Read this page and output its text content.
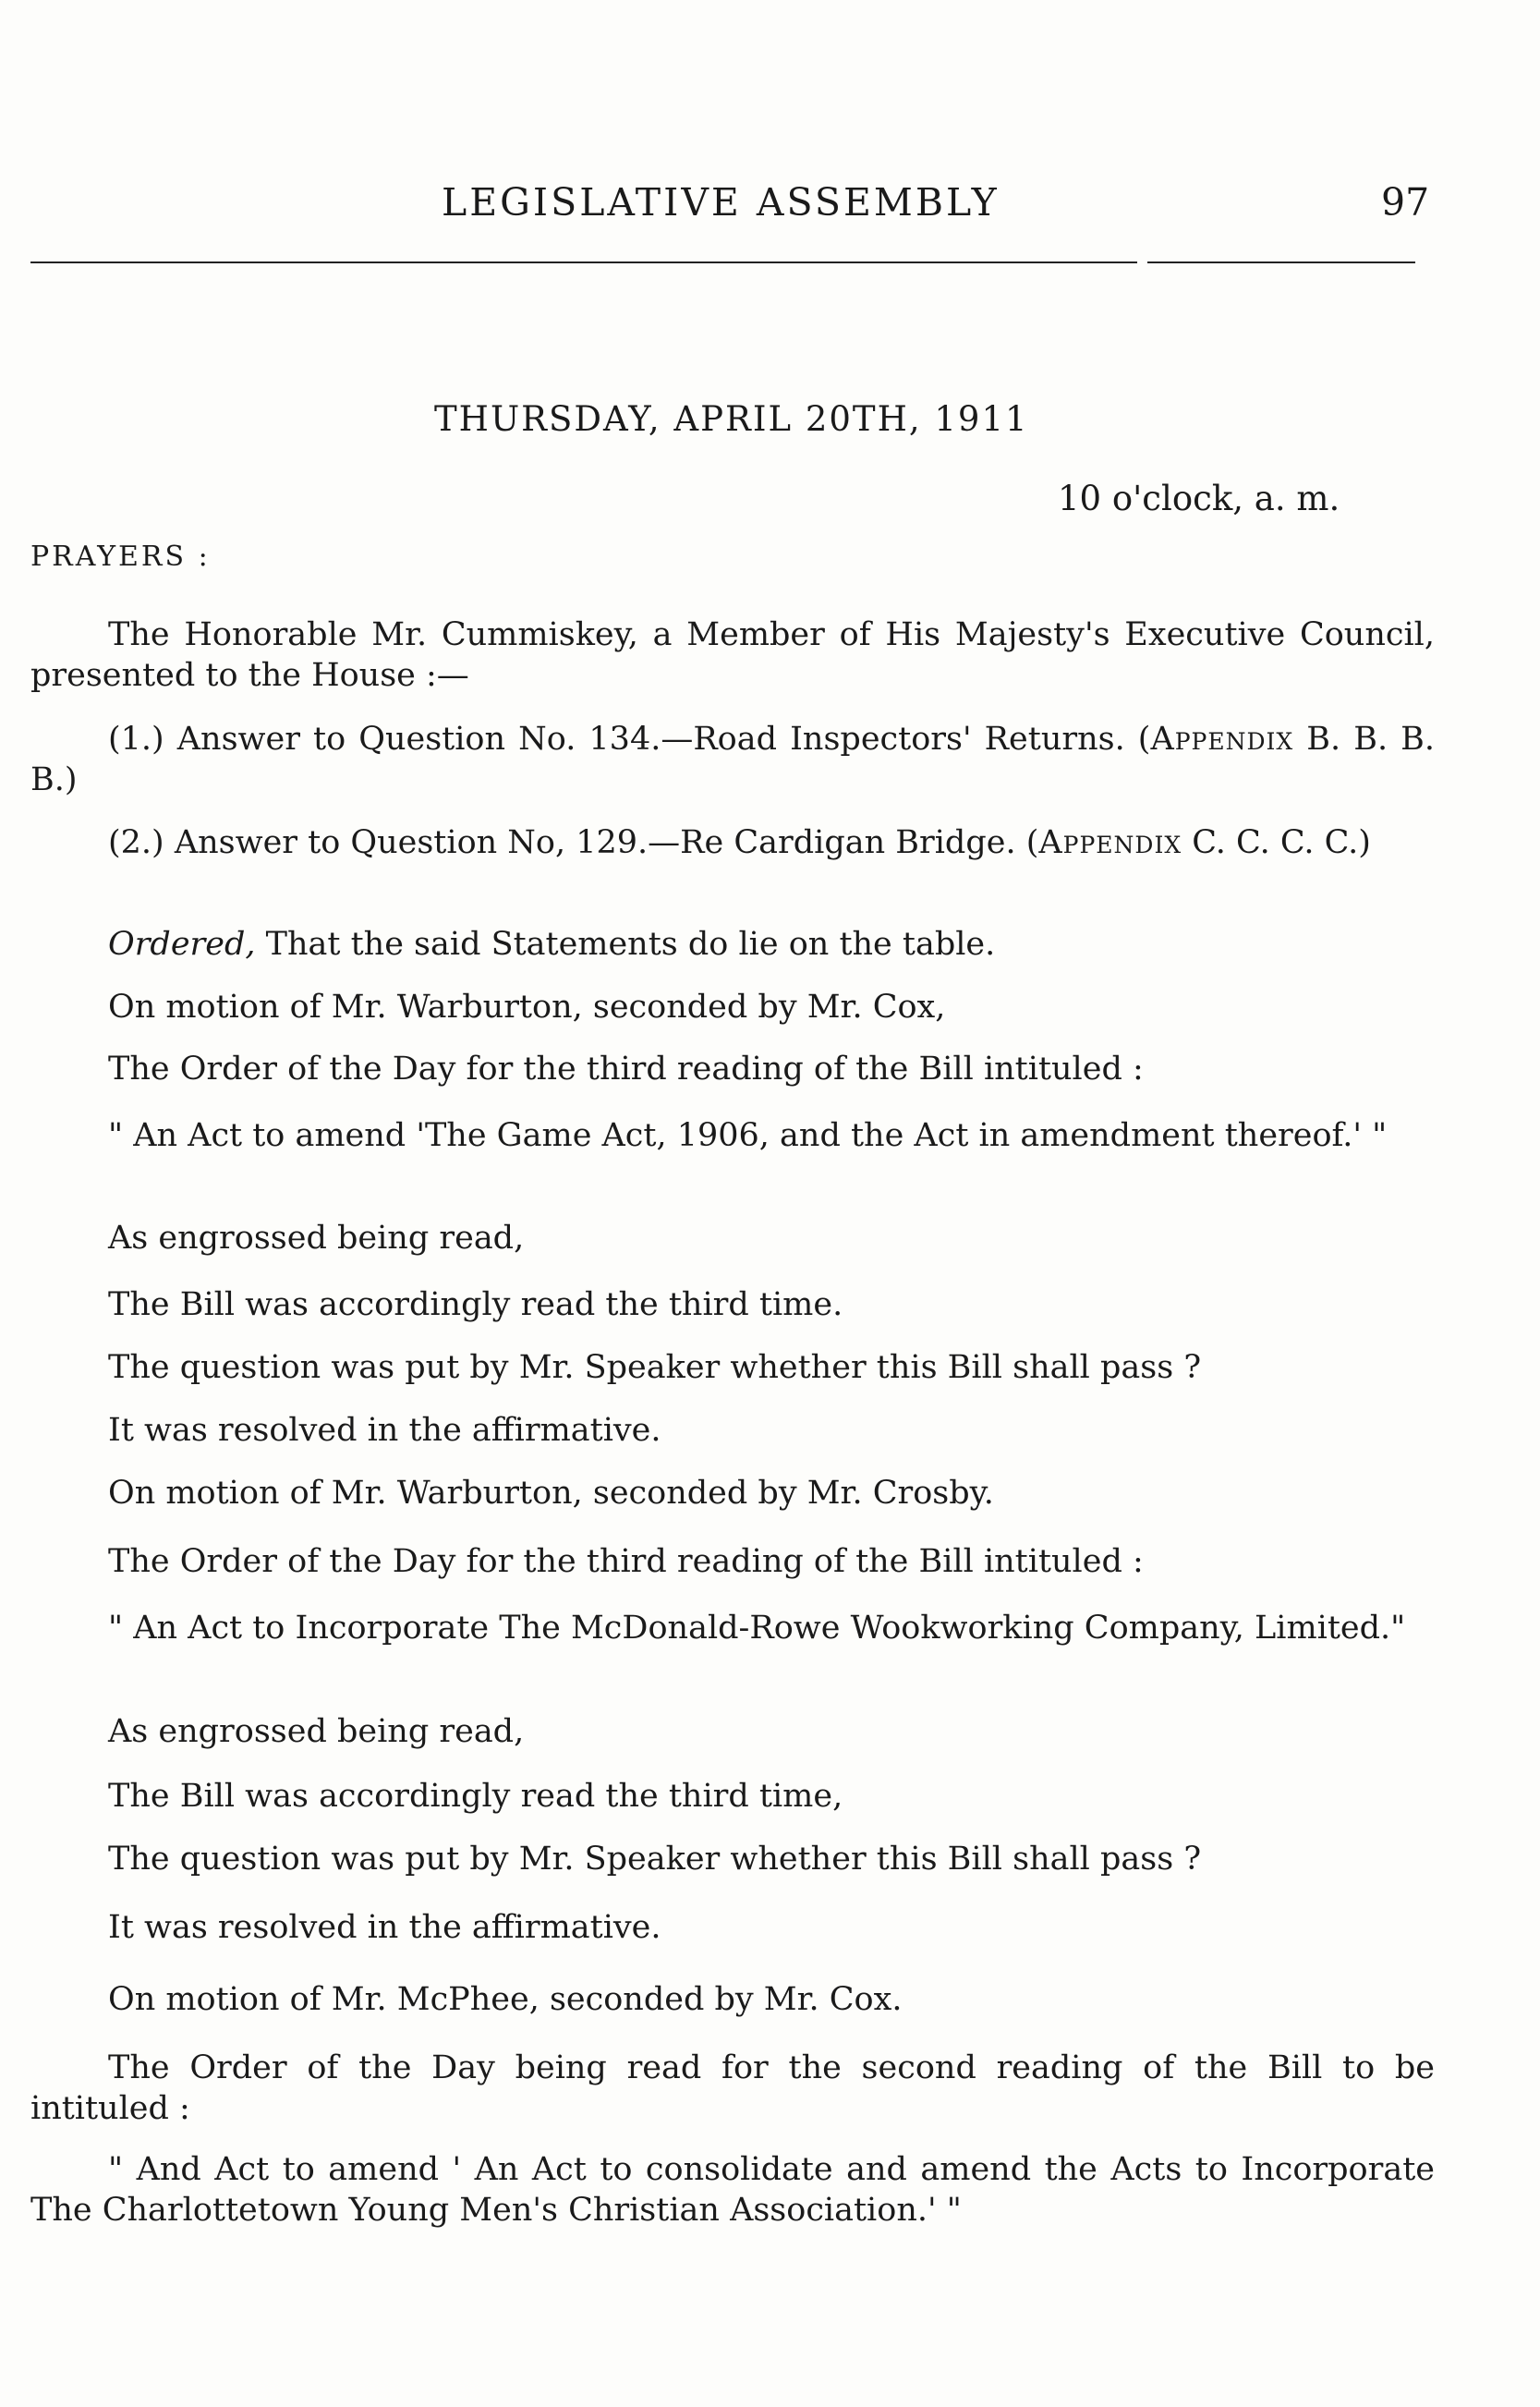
LEGISLATIVE ASSEMBLY	97
THURSDAY, APRIL 20TH, 1911
10 o'clock, a. m.
PRAYERS :

The Honorable Mr. Cummiskey, a Member of His Majesty's Executive Council, presented to the House :—

(1.) Answer to Question No. 134.—Road Inspectors' Returns. (Appendix B. B. B. B.)

(2.) Answer to Question No, 129.—Re Cardigan Bridge. (Appendix C. C. C. C.)

Ordered, That the said Statements do lie on the table.

On motion of Mr. Warburton, seconded by Mr. Cox,

The Order of the Day for the third reading of the Bill intituled :

" An Act to amend 'The Game Act, 1906, and the Act in amendment thereof.' "

As engrossed being read,

The Bill was accordingly read the third time.

The question was put by Mr. Speaker whether this Bill shall pass ?

It was resolved in the affirmative.

On motion of Mr. Warburton, seconded by Mr. Crosby.

The Order of the Day for the third reading of the Bill intituled :

" An Act to Incorporate The McDonald-Rowe Wookworking Company, Limited."

As engrossed being read,

The Bill was accordingly read the third time,

The question was put by Mr. Speaker whether this Bill shall pass ?

It was resolved in the affirmative.

On motion of Mr. McPhee, seconded by Mr. Cox.

The Order of the Day being read for the second reading of the Bill to be intituled :

" And Act to amend ' An Act to consolidate and amend the Acts to Incorporate The Charlottetown Young Men's Christian Association.' "
